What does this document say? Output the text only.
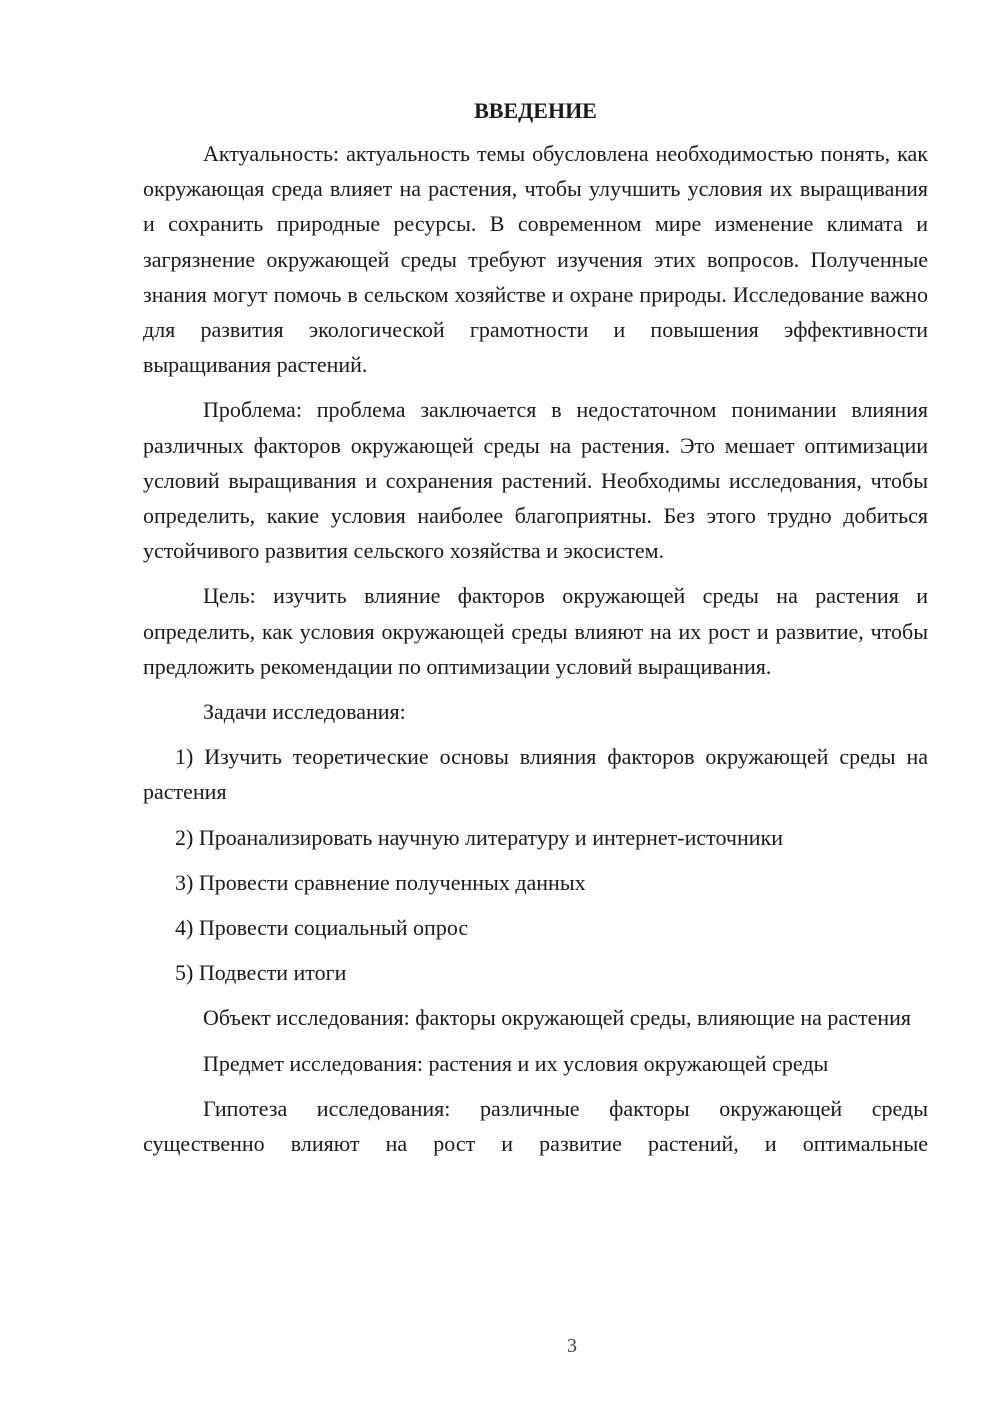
ВВЕДЕНИЕ

Актуальность: актуальность темы обусловлена необходимостью понять, как окружающая среда влияет на растения, чтобы улучшить условия их выращивания и сохранить природные ресурсы. В современном мире изменение климата и загрязнение окружающей среды требуют изучения этих вопросов. Полученные знания могут помочь в сельском хозяйстве и охране природы. Исследование важно для развития экологической грамотности и повышения эффективности выращивания растений.

Проблема: проблема заключается в недостаточном понимании влияния различных факторов окружающей среды на растения. Это мешает оптимизации условий выращивания и сохранения растений. Необходимы исследования, чтобы определить, какие условия наиболее благоприятны. Без этого трудно добиться устойчивого развития сельского хозяйства и экосистем.

Цель: изучить влияние факторов окружающей среды на растения и определить, как условия окружающей среды влияют на их рост и развитие, чтобы предложить рекомендации по оптимизации условий выращивания.

Задачи исследования:

1) Изучить теоретические основы влияния факторов окружающей среды на растения

2) Проанализировать научную литературу и интернет-источники

3) Провести сравнение полученных данных

4) Провести социальный опрос

5) Подвести итоги

Объект исследования: факторы окружающей среды, влияющие на растения

Предмет исследования: растения и их условия окружающей среды

Гипотеза исследования: различные факторы окружающей среды существенно влияют на рост и развитие растений, и оптимальные

3
